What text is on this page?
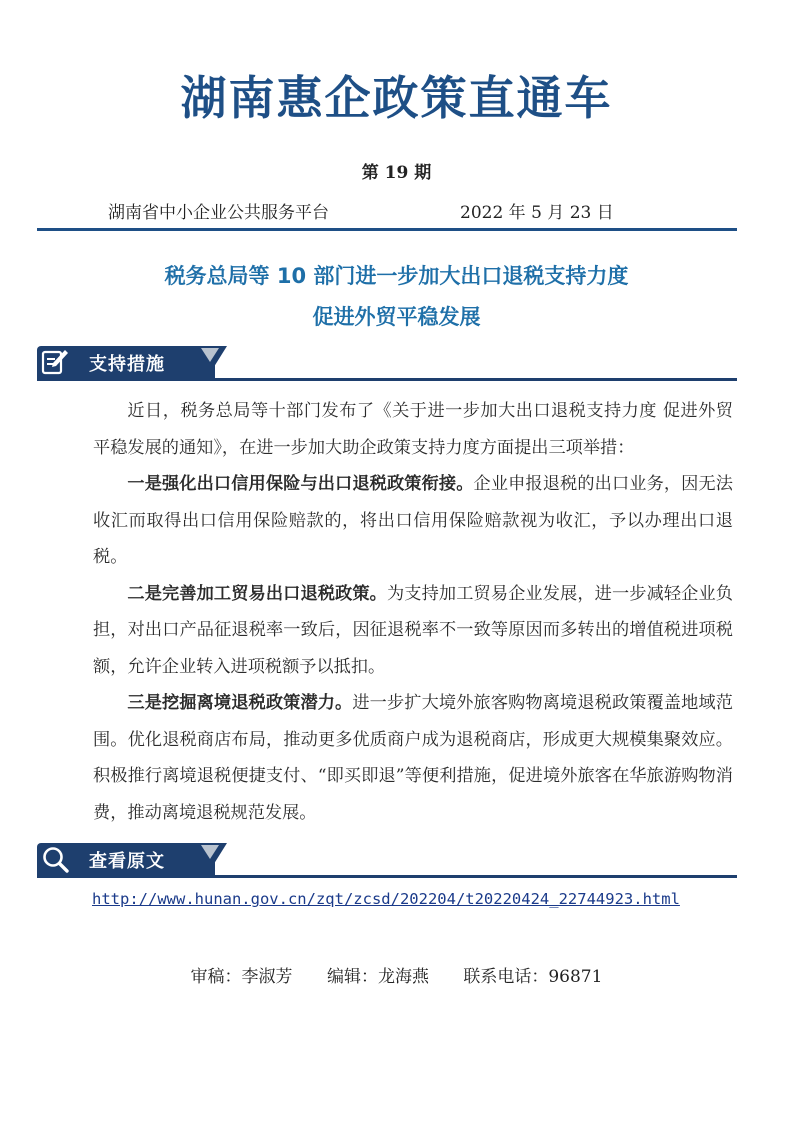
湖南惠企政策直通车
第 19 期
湖南省中小企业公共服务平台	2022 年 5 月 23 日
税务总局等 10 部门进一步加大出口退税支持力度
促进外贸平稳发展
支持措施

近日，税务总局等十部门发布了《关于进一步加大出口退税支持力度 促进外贸平稳发展的通知》，在进一步加大助企政策支持力度方面提出三项举措：

一是强化出口信用保险与出口退税政策衔接。企业申报退税的出口业务，因无法收汇而取得出口信用保险赔款的，将出口信用保险赔款视为收汇，予以办理出口退税。

二是完善加工贸易出口退税政策。为支持加工贸易企业发展，进一步减轻企业负担，对出口产品征退税率一致后，因征退税率不一致等原因而多转出的增值税进项税额，允许企业转入进项税额予以抵扣。

三是挖掘离境退税政策潜力。进一步扩大境外旅客购物离境退税政策覆盖地域范围。优化退税商店布局，推动更多优质商户成为退税商店，形成更大规模集聚效应。积极推行离境退税便捷支付、“即买即退”等便利措施，促进境外旅客在华旅游购物消费，推动离境退税规范发展。

查看原文
http://www.hunan.gov.cn/zqt/zcsd/202204/t20220424_22744923.html
审稿：李淑芳 编辑：龙海燕 联系电话：96871
